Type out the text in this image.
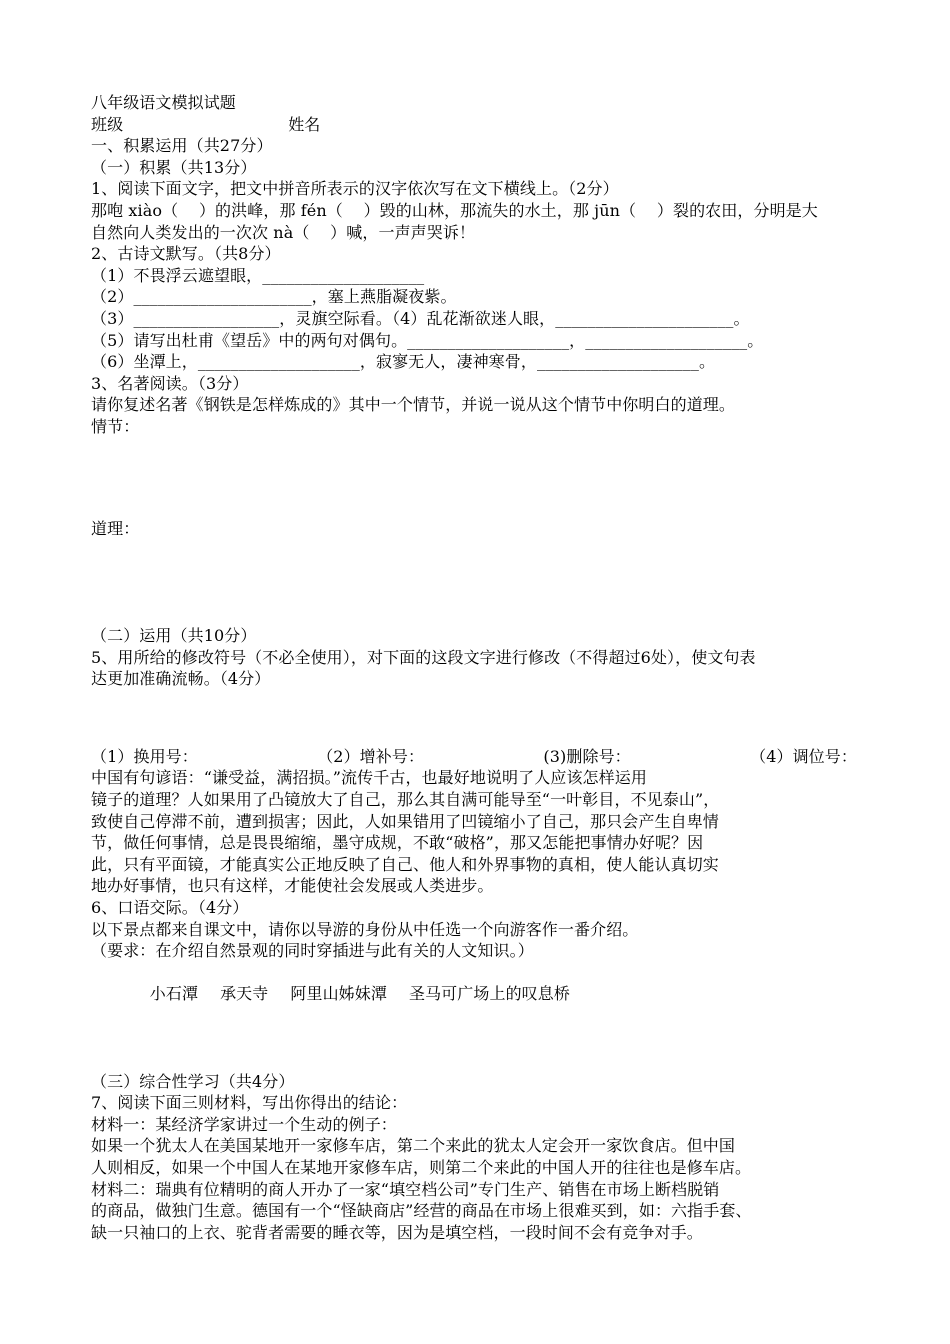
八年级语文模拟试题
班级	姓名
一、积累运用（共27分）
（一）积累（共13分）
1、阅读下面文字，把文中拼音所表示的汉字依次写在文下横线上。（2分）
那咆 xiào（    ）的洪峰，那 fén（    ）毁的山林，那流失的水土，那 jūn（    ）裂的农田，分明是大
自然向人类发出的一次次 nà（    ）喊，一声声哭诉！
2、古诗文默写。（共8分）
（1）不畏浮云遮望眼，____________________
（2）______________________，塞上燕脂凝夜紫。
（3）__________________，灵旗空际看。（4）乱花渐欲迷人眼，______________________。
（5）请写出杜甫《望岳》中的两句对偶句。____________________，____________________。
（6）坐潭上，____________________，寂寥无人，凄神寒骨，____________________。
3、名著阅读。（3分）
请你复述名著《钢铁是怎样炼成的》其中一个情节，并说一说从这个情节中你明白的道理。
情节：
道理：
（二）运用（共10分）
5、用所给的修改符号（不必全使用），对下面的这段文字进行修改（不得超过6处），使文句表
达更加准确流畅。（4分）
（1）换用号：	（2）增补号：	(3)删除号：	（4）调位号：
中国有句谚语：“谦受益，满招损。”流传千古，也最好地说明了人应该怎样运用
镜子的道理？人如果用了凸镜放大了自己，那么其自满可能导至“一叶彰目，不见泰山”，
致使自己停滞不前，遭到损害；因此，人如果错用了凹镜缩小了自己，那只会产生自卑情
节，做任何事情，总是畏畏缩缩，墨守成规，不敢“破格”，那又怎能把事情办好呢？因
此，只有平面镜，才能真实公正地反映了自己、他人和外界事物的真相，使人能认真切实
地办好事情，也只有这样，才能使社会发展或人类进步。
6、口语交际。（4分）
以下景点都来自课文中，请你以导游的身份从中任选一个向游客作一番介绍。
（要求：在介绍自然景观的同时穿插进与此有关的人文知识。）

小石潭 承天寺 阿里山姊妹潭 圣马可广场上的叹息桥

（三）综合性学习（共4分）
7、阅读下面三则材料，写出你得出的结论：
材料一：某经济学家讲过一个生动的例子：
如果一个犹太人在美国某地开一家修车店，第二个来此的犹太人定会开一家饮食店。但中国
人则相反，如果一个中国人在某地开家修车店，则第二个来此的中国人开的往往也是修车店。
材料二：瑞典有位精明的商人开办了一家“填空档公司”专门生产、销售在市场上断档脱销
的商品，做独门生意。德国有一个“怪缺商店”经营的商品在市场上很难买到，如：六指手套、
缺一只袖口的上衣、驼背者需要的睡衣等，因为是填空档，一段时间不会有竞争对手。
